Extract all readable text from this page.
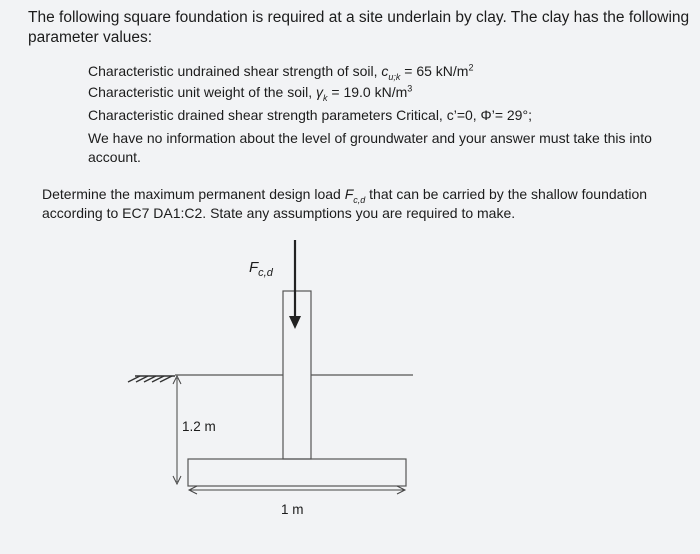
The following square foundation is required at a site underlain by clay. The clay has the following
parameter values:
Characteristic undrained shear strength of soil, $c_{u;k} = 65$ $kN/m^2$
Characteristic unit weight of the soil, $\gamma_k = 19.0$ $kN/m^3$
Characteristic drained shear strength parameters Critical, c’=0, Φ’= 29°;
We have no information about the level of groundwater and your answer must take this into
account.
Determine the maximum permanent design load $F_{c,d}$ that can be carried by the shallow foundation
according to EC7 DA1:C2. State any assumptions you are required to make.
$F_{c,d}$
1.2 m
1 m
